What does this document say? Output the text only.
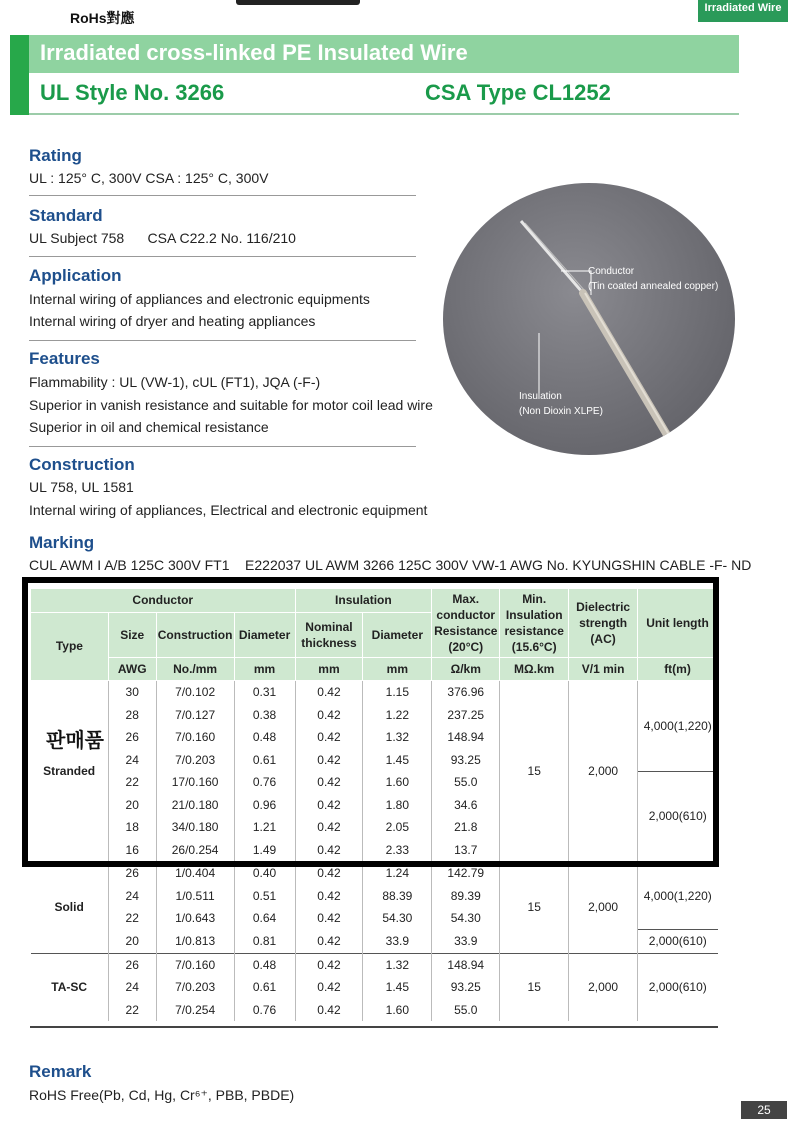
RoHs對應
Irradiated Wire
Irradiated cross-linked PE Insulated Wire
UL Style No. 3266	CSA Type CL1252
Rating
UL : 125° C, 300V CSA : 125° C, 300V
Standard
UL Subject 758      CSA C22.2 No. 116/210
Application
Internal wiring of appliances and electronic equipments
Internal wiring of dryer and heating appliances
Features
Flammability : UL (VW-1), cUL (FT1), JQA (-F-)
Superior in vanish resistance and suitable for motor coil lead wire
Superior in oil and chemical resistance
Construction
UL 758, UL 1581
Internal wiring of appliances, Electrical and electronic equipment
Marking
CUL AWM I A/B 125C 300V FT1    E222037 UL AWM 3266 125C 300V VW-1 AWG No. KYUNGSHIN CABLE -F- ND
Conductor
(Tin coated annealed copper)
Insulation
(Non Dioxin XLPE)
Conductor				Insulation		Max. conductor Resistance (20°C)	Min. Insulation resistance (15.6°C)	Dielectric strength (AC)	Unit length
Type	Size	Construction	Diameter	Nominal thickness	Diameter				
	AWG	No./mm	mm	mm	mm	Ω/km	MΩ.km	V/1 min	ft(m)
Stranded	30	7/0.102	0.31	0.42	1.15	376.96	15	2,000	4,000(1,220)
	28	7/0.127	0.38	0.42	1.22	237.25			
	26	7/0.160	0.48	0.42	1.32	148.94			
	24	7/0.203	0.61	0.42	1.45	93.25			
	22	17/0.160	0.76	0.42	1.60	55.0			2,000(610)
	20	21/0.180	0.96	0.42	1.80	34.6			
	18	34/0.180	1.21	0.42	2.05	21.8			
	16	26/0.254	1.49	0.42	2.33	13.7			
Solid	26	1/0.404	0.40	0.42	1.24	142.79	15	2,000	4,000(1,220)
	24	1/0.511	0.51	0.42	88.39	89.39			
	22	1/0.643	0.64	0.42	54.30	54.30			
	20	1/0.813	0.81	0.42	33.9	33.9			2,000(610)
TA-SC	26	7/0.160	0.48	0.42	1.32	148.94	15	2,000	2,000(610)
	24	7/0.203	0.61	0.42	1.45	93.25			
	22	7/0.254	0.76	0.42	1.60	55.0			
판매품
Remark
RoHS Free(Pb, Cd, Hg, Cr⁶⁺, PBB, PBDE)
25
